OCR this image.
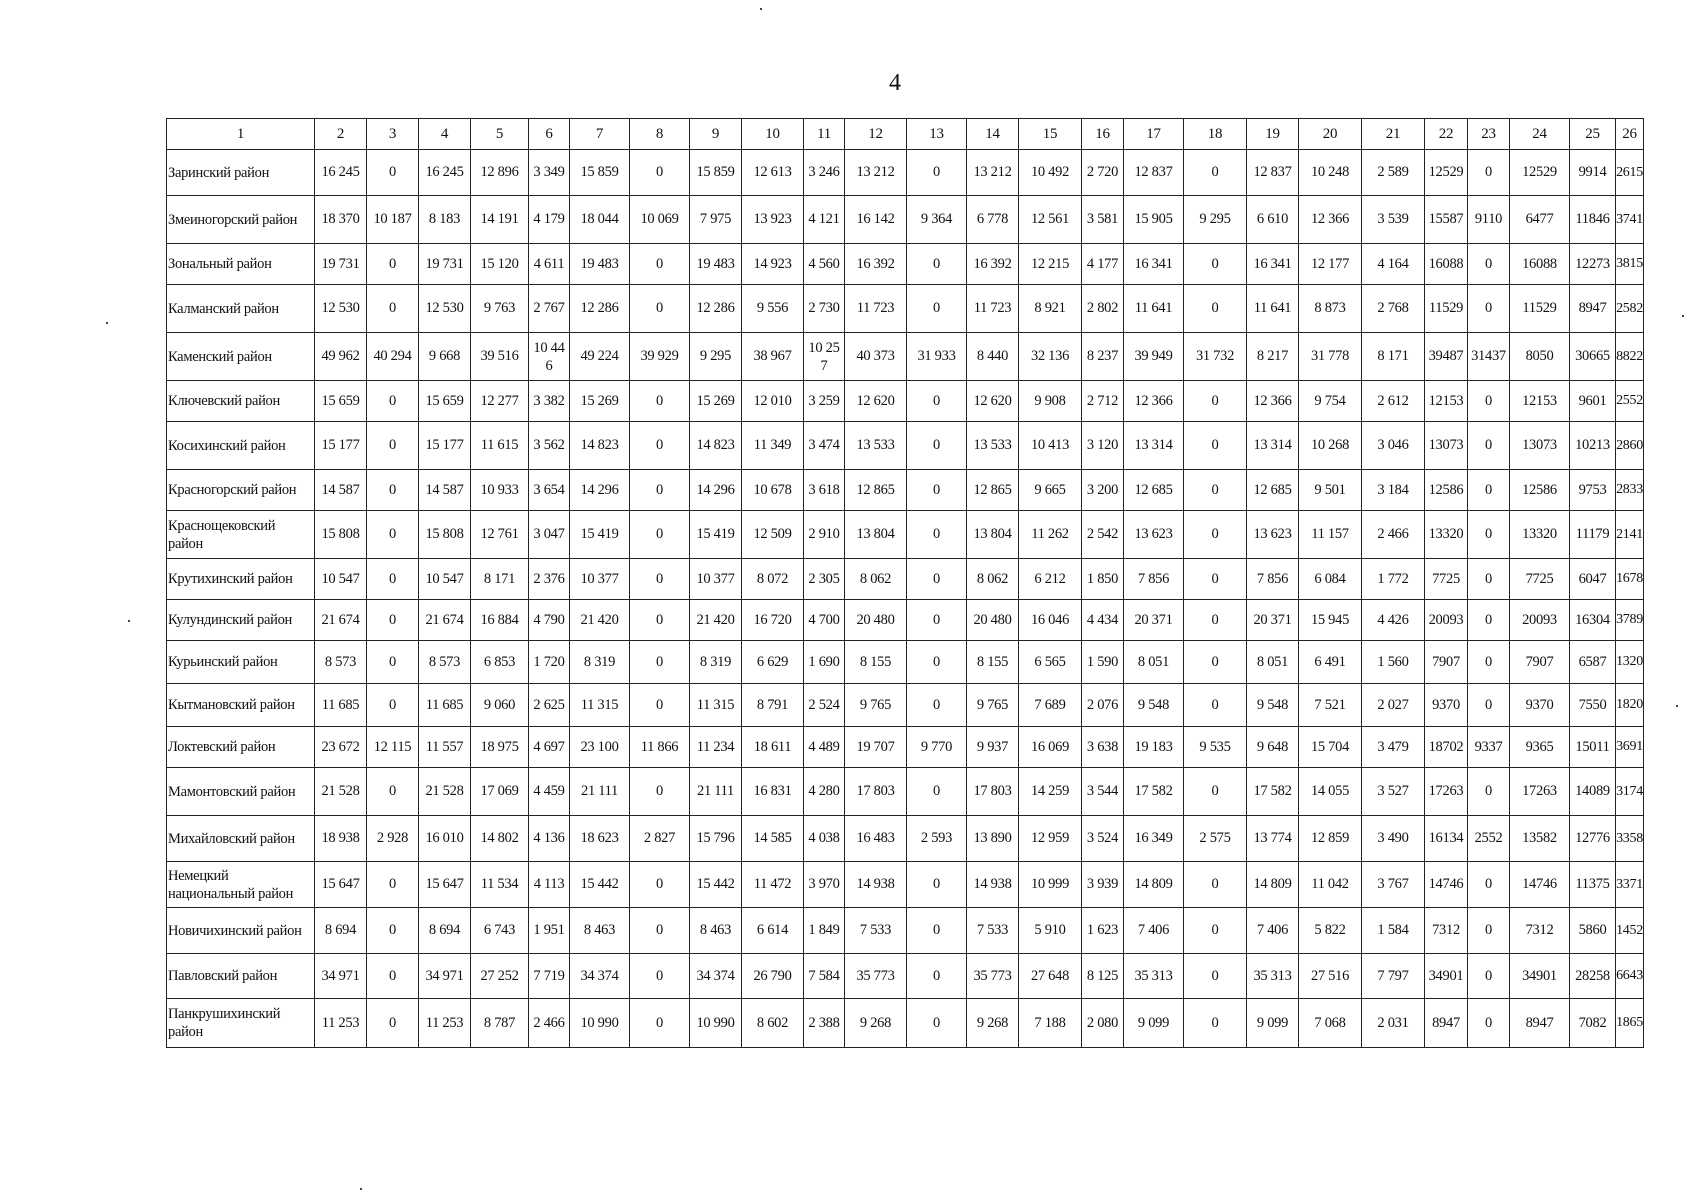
4
1	2	3	4	5	6	7	8	9	10	11	12	13	14	15	16	17	18	19	20	21	22	23	24	25	26
Заринский район	16 245	0	16 245	12 896	3 349	15 859	0	15 859	12 613	3 246	13 212	0	13 212	10 492	2 720	12 837	0	12 837	10 248	2 589	12529	0	12529	9914	2615
Змеиногорский район	18 370	10 187	8 183	14 191	4 179	18 044	10 069	7 975	13 923	4 121	16 142	9 364	6 778	12 561	3 581	15 905	9 295	6 610	12 366	3 539	15587	9110	6477	11846	3741
Зональный район	19 731	0	19 731	15 120	4 611	19 483	0	19 483	14 923	4 560	16 392	0	16 392	12 215	4 177	16 341	0	16 341	12 177	4 164	16088	0	16088	12273	3815
Калманский район	12 530	0	12 530	9 763	2 767	12 286	0	12 286	9 556	2 730	11 723	0	11 723	8 921	2 802	11 641	0	11 641	8 873	2 768	11529	0	11529	8947	2582
Каменский район	49 962	40 294	9 668	39 516	10 446	49 224	39 929	9 295	38 967	10 257	40 373	31 933	8 440	32 136	8 237	39 949	31 732	8 217	31 778	8 171	39487	31437	8050	30665	8822
Ключевский район	15 659	0	15 659	12 277	3 382	15 269	0	15 269	12 010	3 259	12 620	0	12 620	9 908	2 712	12 366	0	12 366	9 754	2 612	12153	0	12153	9601	2552
Косихинский район	15 177	0	15 177	11 615	3 562	14 823	0	14 823	11 349	3 474	13 533	0	13 533	10 413	3 120	13 314	0	13 314	10 268	3 046	13073	0	13073	10213	2860
Красногорский район	14 587	0	14 587	10 933	3 654	14 296	0	14 296	10 678	3 618	12 865	0	12 865	9 665	3 200	12 685	0	12 685	9 501	3 184	12586	0	12586	9753	2833
Краснощековский район	15 808	0	15 808	12 761	3 047	15 419	0	15 419	12 509	2 910	13 804	0	13 804	11 262	2 542	13 623	0	13 623	11 157	2 466	13320	0	13320	11179	2141
Крутихинский район	10 547	0	10 547	8 171	2 376	10 377	0	10 377	8 072	2 305	8 062	0	8 062	6 212	1 850	7 856	0	7 856	6 084	1 772	7725	0	7725	6047	1678
Кулундинский район	21 674	0	21 674	16 884	4 790	21 420	0	21 420	16 720	4 700	20 480	0	20 480	16 046	4 434	20 371	0	20 371	15 945	4 426	20093	0	20093	16304	3789
Курьинский район	8 573	0	8 573	6 853	1 720	8 319	0	8 319	6 629	1 690	8 155	0	8 155	6 565	1 590	8 051	0	8 051	6 491	1 560	7907	0	7907	6587	1320
Кытмановский район	11 685	0	11 685	9 060	2 625	11 315	0	11 315	8 791	2 524	9 765	0	9 765	7 689	2 076	9 548	0	9 548	7 521	2 027	9370	0	9370	7550	1820
Локтевский район	23 672	12 115	11 557	18 975	4 697	23 100	11 866	11 234	18 611	4 489	19 707	9 770	9 937	16 069	3 638	19 183	9 535	9 648	15 704	3 479	18702	9337	9365	15011	3691
Мамонтовский район	21 528	0	21 528	17 069	4 459	21 111	0	21 111	16 831	4 280	17 803	0	17 803	14 259	3 544	17 582	0	17 582	14 055	3 527	17263	0	17263	14089	3174
Михайловский район	18 938	2 928	16 010	14 802	4 136	18 623	2 827	15 796	14 585	4 038	16 483	2 593	13 890	12 959	3 524	16 349	2 575	13 774	12 859	3 490	16134	2552	13582	12776	3358
Немецкий национальный район	15 647	0	15 647	11 534	4 113	15 442	0	15 442	11 472	3 970	14 938	0	14 938	10 999	3 939	14 809	0	14 809	11 042	3 767	14746	0	14746	11375	3371
Новичихинский район	8 694	0	8 694	6 743	1 951	8 463	0	8 463	6 614	1 849	7 533	0	7 533	5 910	1 623	7 406	0	7 406	5 822	1 584	7312	0	7312	5860	1452
Павловский район	34 971	0	34 971	27 252	7 719	34 374	0	34 374	26 790	7 584	35 773	0	35 773	27 648	8 125	35 313	0	35 313	27 516	7 797	34901	0	34901	28258	6643
Панкрушихинский район	11 253	0	11 253	8 787	2 466	10 990	0	10 990	8 602	2 388	9 268	0	9 268	7 188	2 080	9 099	0	9 099	7 068	2 031	8947	0	8947	7082	1865
